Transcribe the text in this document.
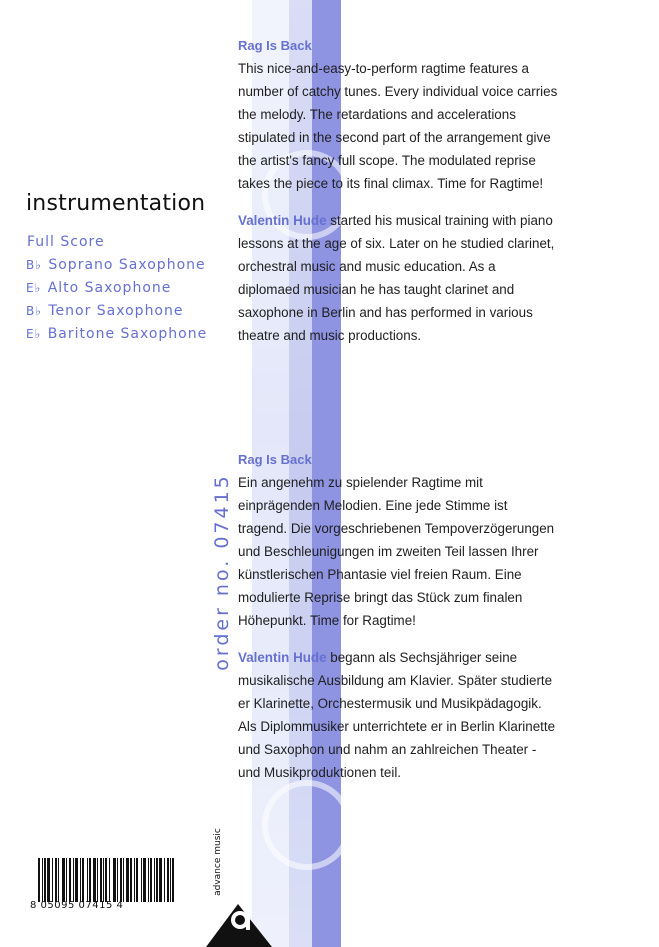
instrumentation
Full Score
B♭ Soprano Saxophone
E♭ Alto Saxophone
B♭ Tenor Saxophone
E♭ Baritone Saxophone
Rag Is Back

This nice-and-easy-to-perform ragtime features a number of catchy tunes. Every individual voice carries the melody. The retardations and accelerations stipulated in the second part of the arrangement give the artist's fancy full scope. The modulated reprise takes the piece to its final climax. Time for Ragtime!

Valentin Hude started his musical training with piano lessons at the age of six. Later on he studied clarinet, orchestral music and music education. As a diplomaed musician he has taught clarinet and saxophone in Berlin and has performed in various theatre and music productions.

Rag Is Back

Ein angenehm zu spielender Ragtime mit einprägenden Melodien. Eine jede Stimme ist tragend. Die vorgeschriebenen Tempoverzögerungen und Beschleunigungen im zweiten Teil lassen Ihrer künstlerischen Phantasie viel freien Raum. Eine modulierte Reprise bringt das Stück zum finalen Höhepunkt. Time for Ragtime!

Valentin Hude begann als Sechsjähriger seine musikalische Ausbildung am Klavier. Später studierte er Klarinette, Orchestermusik und Musikpädagogik. Als Diplommusiker unterrichtete er in Berlin Klarinette und Saxophon und nahm an zahlreichen Theater - und Musikproduktionen teil.

order no. 07415
8 05095 07415 4
advance music
